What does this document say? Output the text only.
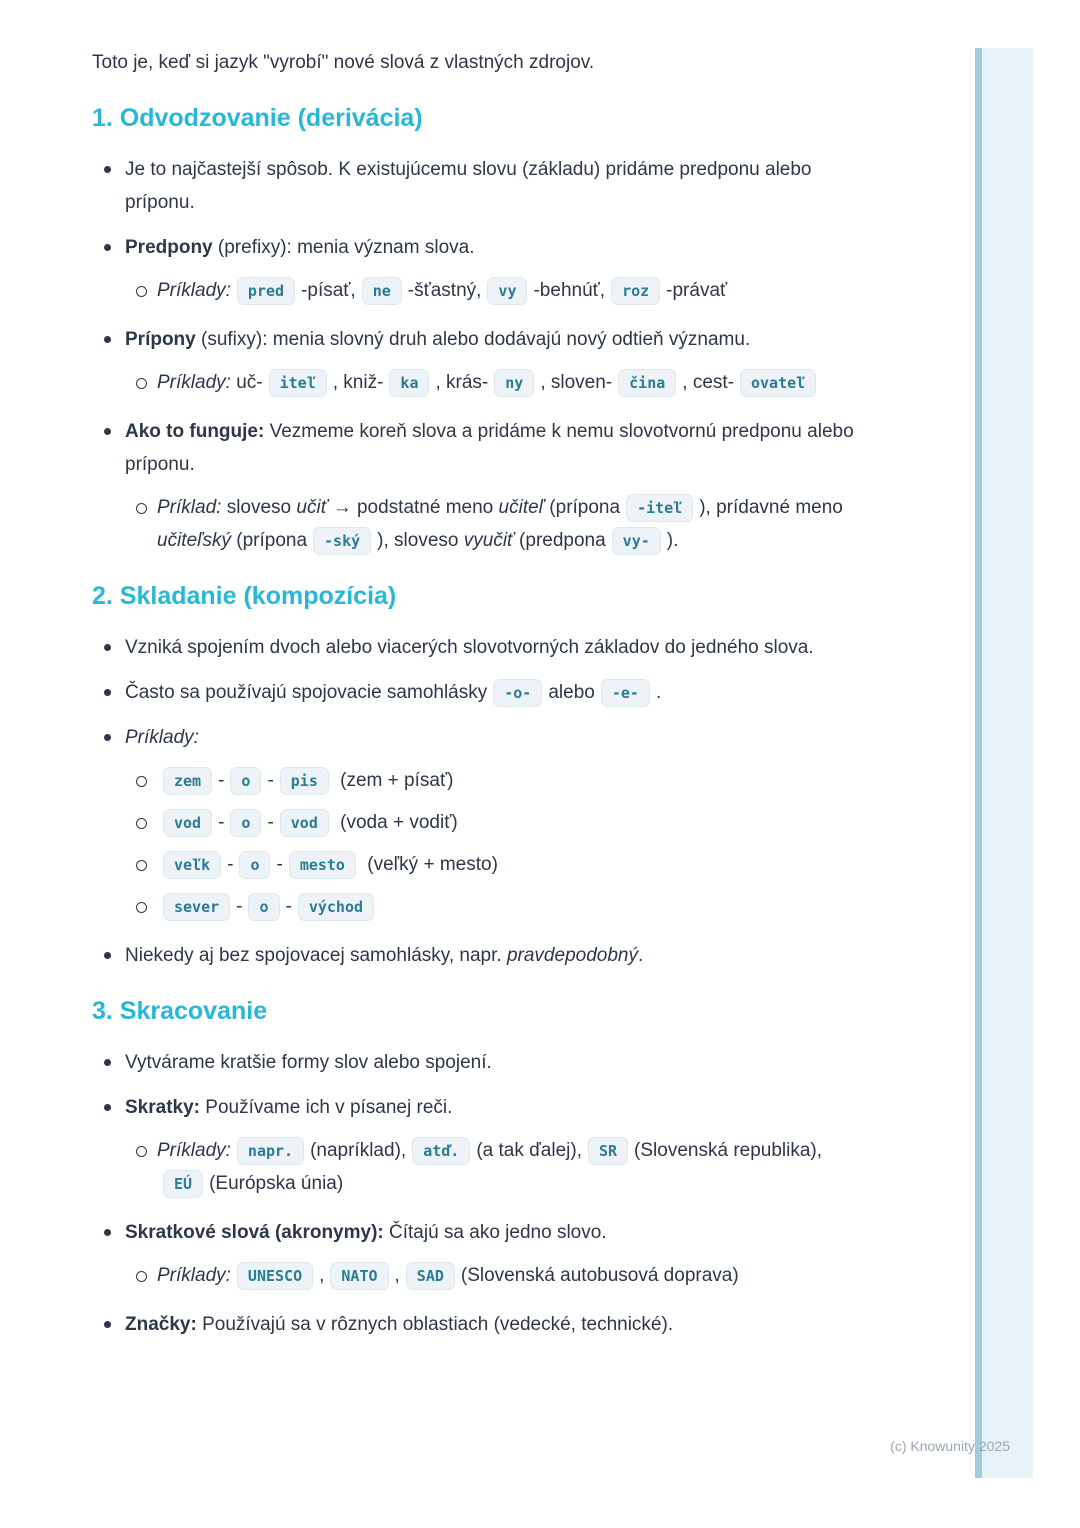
Toto je, keď si jazyk "vyrobí" nové slová z vlastných zdrojov.

1. Odvodzovanie (derivácia)
Je to najčastejší spôsob. K existujúcemu slovu (základu) pridáme predponu alebo príponu.
Predpony (prefixy): menia význam slova.
Príklady: pred -písať, ne -šťastný, vy -behnúť, roz -právať
Prípony (sufixy): menia slovný druh alebo dodávajú nový odtieň významu.
Príklady: uč- iteľ , kniž- ka , krás- ny , sloven- čina , cest- ovateľ
Ako to funguje: Vezmeme koreň slova a pridáme k nemu slovotvornú predponu alebo príponu.
Príklad: sloveso učiť → podstatné meno učiteľ (prípona -iteľ ), prídavné meno učiteľský (prípona -ský ), sloveso vyučiť (predpona vy- ).
2. Skladanie (kompozícia)
Vzniká spojením dvoch alebo viacerých slovotvorných základov do jedného slova.
Často sa používajú spojovacie samohlásky -o- alebo -e- .
Príklady:
zem - o - pis (zem + písať)
vod - o - vod (voda + vodiť)
veľk - o - mesto (veľký + mesto)
sever - o - východ
Niekedy aj bez spojovacej samohlásky, napr. pravdepodobný.
3. Skracovanie
Vytvárame kratšie formy slov alebo spojení.
Skratky: Používame ich v písanej reči.
Príklady: napr. (napríklad), atď. (a tak ďalej), SR (Slovenská republika),EÚ (Európska únia)
Skratkové slová (akronymy): Čítajú sa ako jedno slovo.
Príklady: UNESCO , NATO , SAD (Slovenská autobusová doprava)
Značky: Používajú sa v rôznych oblastiach (vedecké, technické).
(c) Knowunity 2025
